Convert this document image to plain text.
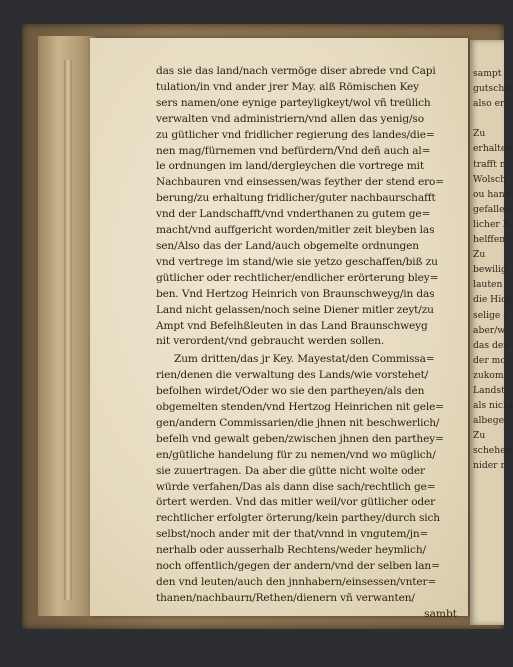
das sie das land/nach vermöge diser abrede vnd Capi
tulation/in vnd ander jrer May. alß Römischen Key
sers namen/one eynige parteyligkeyt/wol vñ treülich
verwalten vnd administriern/vnd allen das yenig/so
zu gütlicher vnd fridlicher regierung des landes/die=
nen mag/fürnemen vnd befürdern/Vnd deñ auch al=
le ordnungen im land/dergleychen die vortrege mit
Nachbauren vnd einsessen/was feyther der stend ero=
berung/zu erhaltung fridlicher/guter nachbaurschafft
vnd der Landschafft/vnd vnderthanen zu gutem ge=
macht/vnd auffgericht worden/mitler zeit bleyben las
sen/Also das der Land/auch obgemelte ordnungen
vnd vertrege im stand/wie sie yetzo geschaffen/biß zu
gütlicher oder rechtlicher/endlicher erörterung bley=
ben. Vnd Hertzog Heinrich von Braunschweyg/in das
Land nicht gelassen/noch seine Diener mitler zeyt/zu
Ampt vnd Befelhßleuten in das Land Braunschweyg
nit verordent/vnd gebraucht werden sollen.
Zum dritten/das jr Key. Mayestat/den Commissa=
rien/denen die verwaltung des Lands/wie vorstehet/
befolhen wirdet/Oder wo sie den partheyen/als den
obgemelten stenden/vnd Hertzog Heinrichen nit gele=
gen/andern Commissarien/die jhnen nit beschwerlich/
befelh vnd gewalt geben/zwischen jhnen den parthey=
en/gütliche handelung für zu nemen/vnd wo müglich/
sie zuuertragen. Da aber die gütte nicht wolte oder
würde verfahen/Das als dann dise sach/rechtlich ge=
örtert werden. Vnd das mitler weil/vor gütlicher oder
rechtlicher erfolgter örterung/kein parthey/durch sich
selbst/noch ander mit der that/vnnd in vngutem/jn=
nerhalb oder ausserhalb Rechtens/weder heymlich/
noch offentlich/gegen der andern/vnd der selben lan=
den vnd leuten/auch den jnnhabern/einsessen/vnter=
thanen/nachbaurn/Rethen/dienern vñ verwanten/
sambt
sampt
gutschel
also er

Zu
erhalten
trafft n
Wolsch
ou hand
gefallen
licher E
helffen
Zu
bewilig
lauten
die Hich
selige a
aber/w
das den
der mo
zukom
Landst
als nicht
albege.
Zu
schehen
nider n
